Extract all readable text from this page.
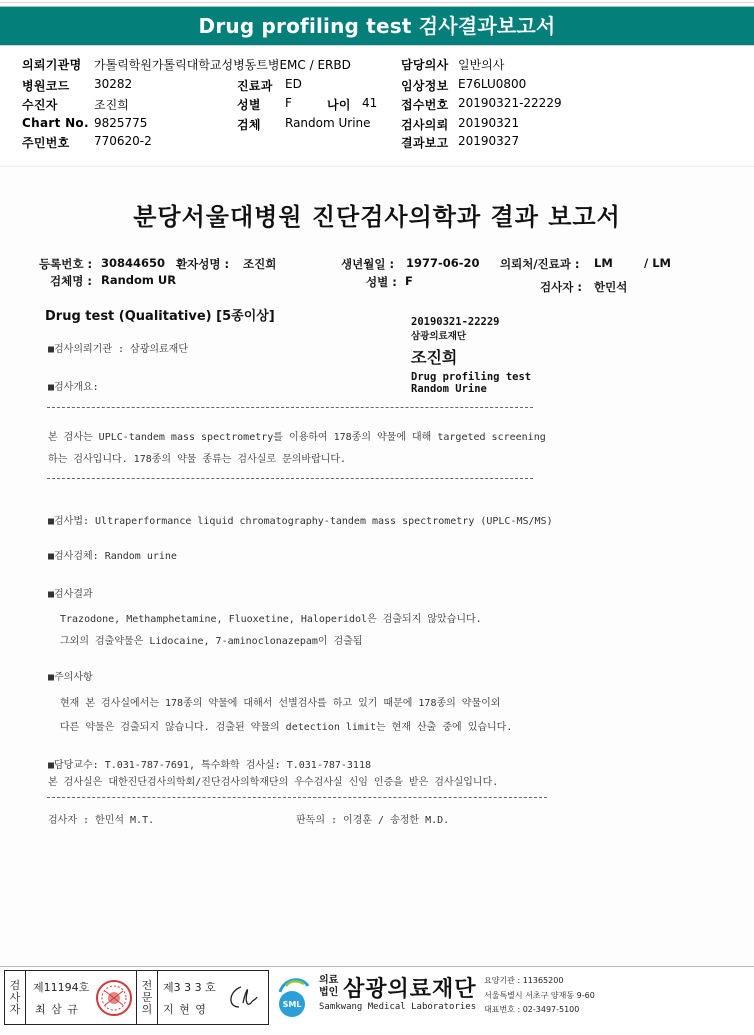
Drug profiling test 검사결과보고서
의뢰기관명 가톨릭학원가톨릭대학교성병동트병EMC / ERBD	담당의사 일반의사
병원코드 30282	진료과 ED	임상정보 E76LU0800
수진자	조진희	성별 F	나이 41 접수번호 20190321-22229
Chart No. 9825775	검체 Random Urine	검사의뢰 20190321
주민번호 770620-2	결과보고 20190327
분당서울대병원 진단검사의학과 결과 보고서
등록번호 : 30844650 환자성명 : 조진희	생년월일 : 1977-06-20 의뢰처/진료과 : LM	/ LM
검체명 : Random UR	성별 : F	검사자 : 한민석
Drug test (Qualitative) [5종이상]	20190321-22229
삼광의료재단
조진희
Drug profiling test
Random Urine
■검사의뢰기관 : 삼광의료재단
■검사개요:
본 검사는 UPLC-tandem mass spectrometry를 이용하여 178종의 약물에 대해 targeted screening
하는 검사입니다. 178종의 약물 종류는 검사실로 문의바랍니다.
■검사법: Ultraperformance liquid chromatography-tandem mass spectrometry (UPLC-MS/MS)
■검사검체: Random urine
■검사결과
Trazodone, Methamphetamine, Fluoxetine, Haloperidol은 검출되지 않았습니다.
그외의 검출약물은 Lidocaine, 7-aminoclonazepam이 검출됨
■주의사항
현재 본 검사실에서는 178종의 약물에 대해서 선별검사를 하고 있기 때문에 178종의 약물이외
다른 약물은 검출되지 않습니다. 검출된 약물의 detection limit는 현재 산출 중에 있습니다.
■담당교수: T.031-787-7691, 특수화학 검사실: T.031-787-3118
본 검사실은 대한진단검사의학회/진단검사의학재단의 우수검사실 신임 인증을 받은 검사실입니다.
검사자 : 한민석 M.T.	판독의 : 이경훈 / 송정한 M.D.
검
사
자
제11194호
최 삼 규
전
문
의
제3 3 3 호
지 현 영	SML
의료
법인 삼광의료재단
Samkwang Medical Laboratories
요양기관 : 11365200
서울특별시 서초구 양재동 9-60
대표번호 : 02-3497-5100
